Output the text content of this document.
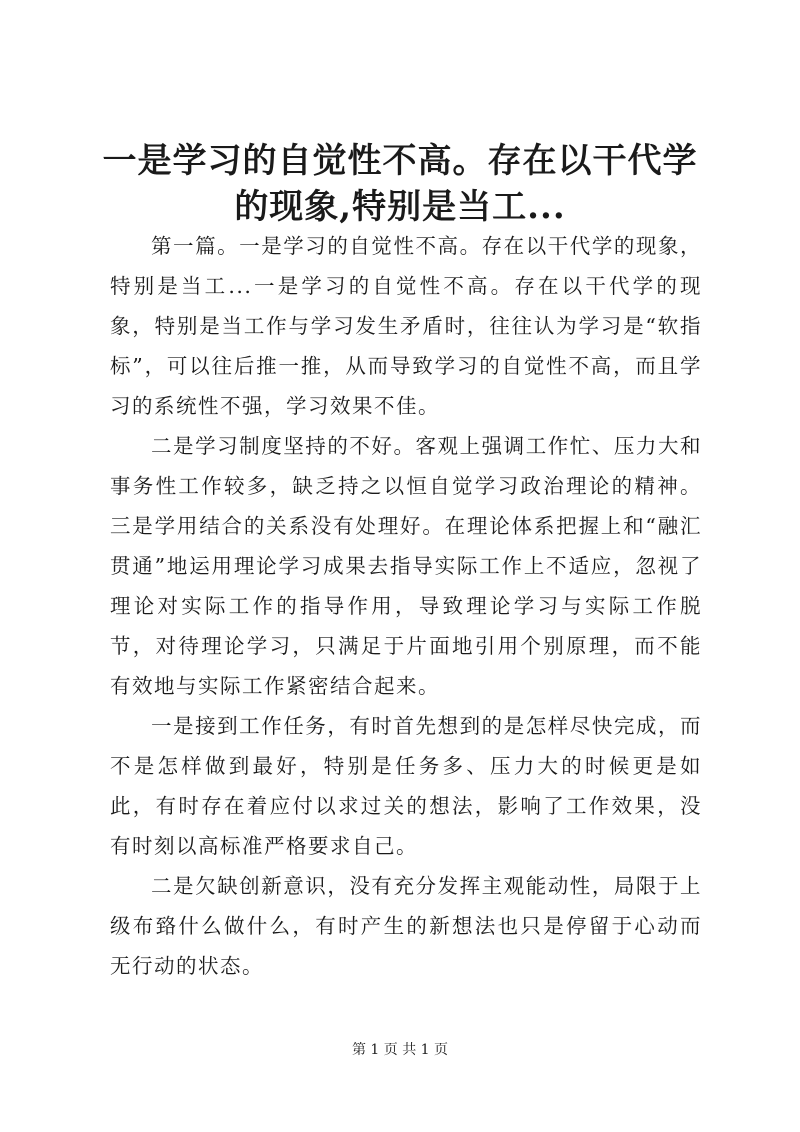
一是学习的自觉性不高。存在以干代学的现象,特别是当工...

第一篇。一是学习的自觉性不高。存在以干代学的现象，特别是当工...一是学习的自觉性不高。存在以干代学的现象，特别是当工作与学习发生矛盾时，往往认为学习是“软指标”，可以往后推一推，从而导致学习的自觉性不高，而且学习的系统性不强，学习效果不佳。

二是学习制度坚持的不好。客观上强调工作忙、压力大和事务性工作较多，缺乏持之以恒自觉学习政治理论的精神。三是学用结合的关系没有处理好。在理论体系把握上和“融汇贯通”地运用理论学习成果去指导实际工作上不适应，忽视了理论对实际工作的指导作用，导致理论学习与实际工作脱节，对待理论学习，只满足于片面地引用个别原理，而不能有效地与实际工作紧密结合起来。

一是接到工作任务，有时首先想到的是怎样尽快完成，而不是怎样做到最好，特别是任务多、压力大的时候更是如此，有时存在着应付以求过关的想法，影响了工作效果，没有时刻以高标准严格要求自己。

二是欠缺创新意识，没有充分发挥主观能动性，局限于上级布臵什么做什么，有时产生的新想法也只是停留于心动而无行动的状态。

第 1 页 共 1 页
